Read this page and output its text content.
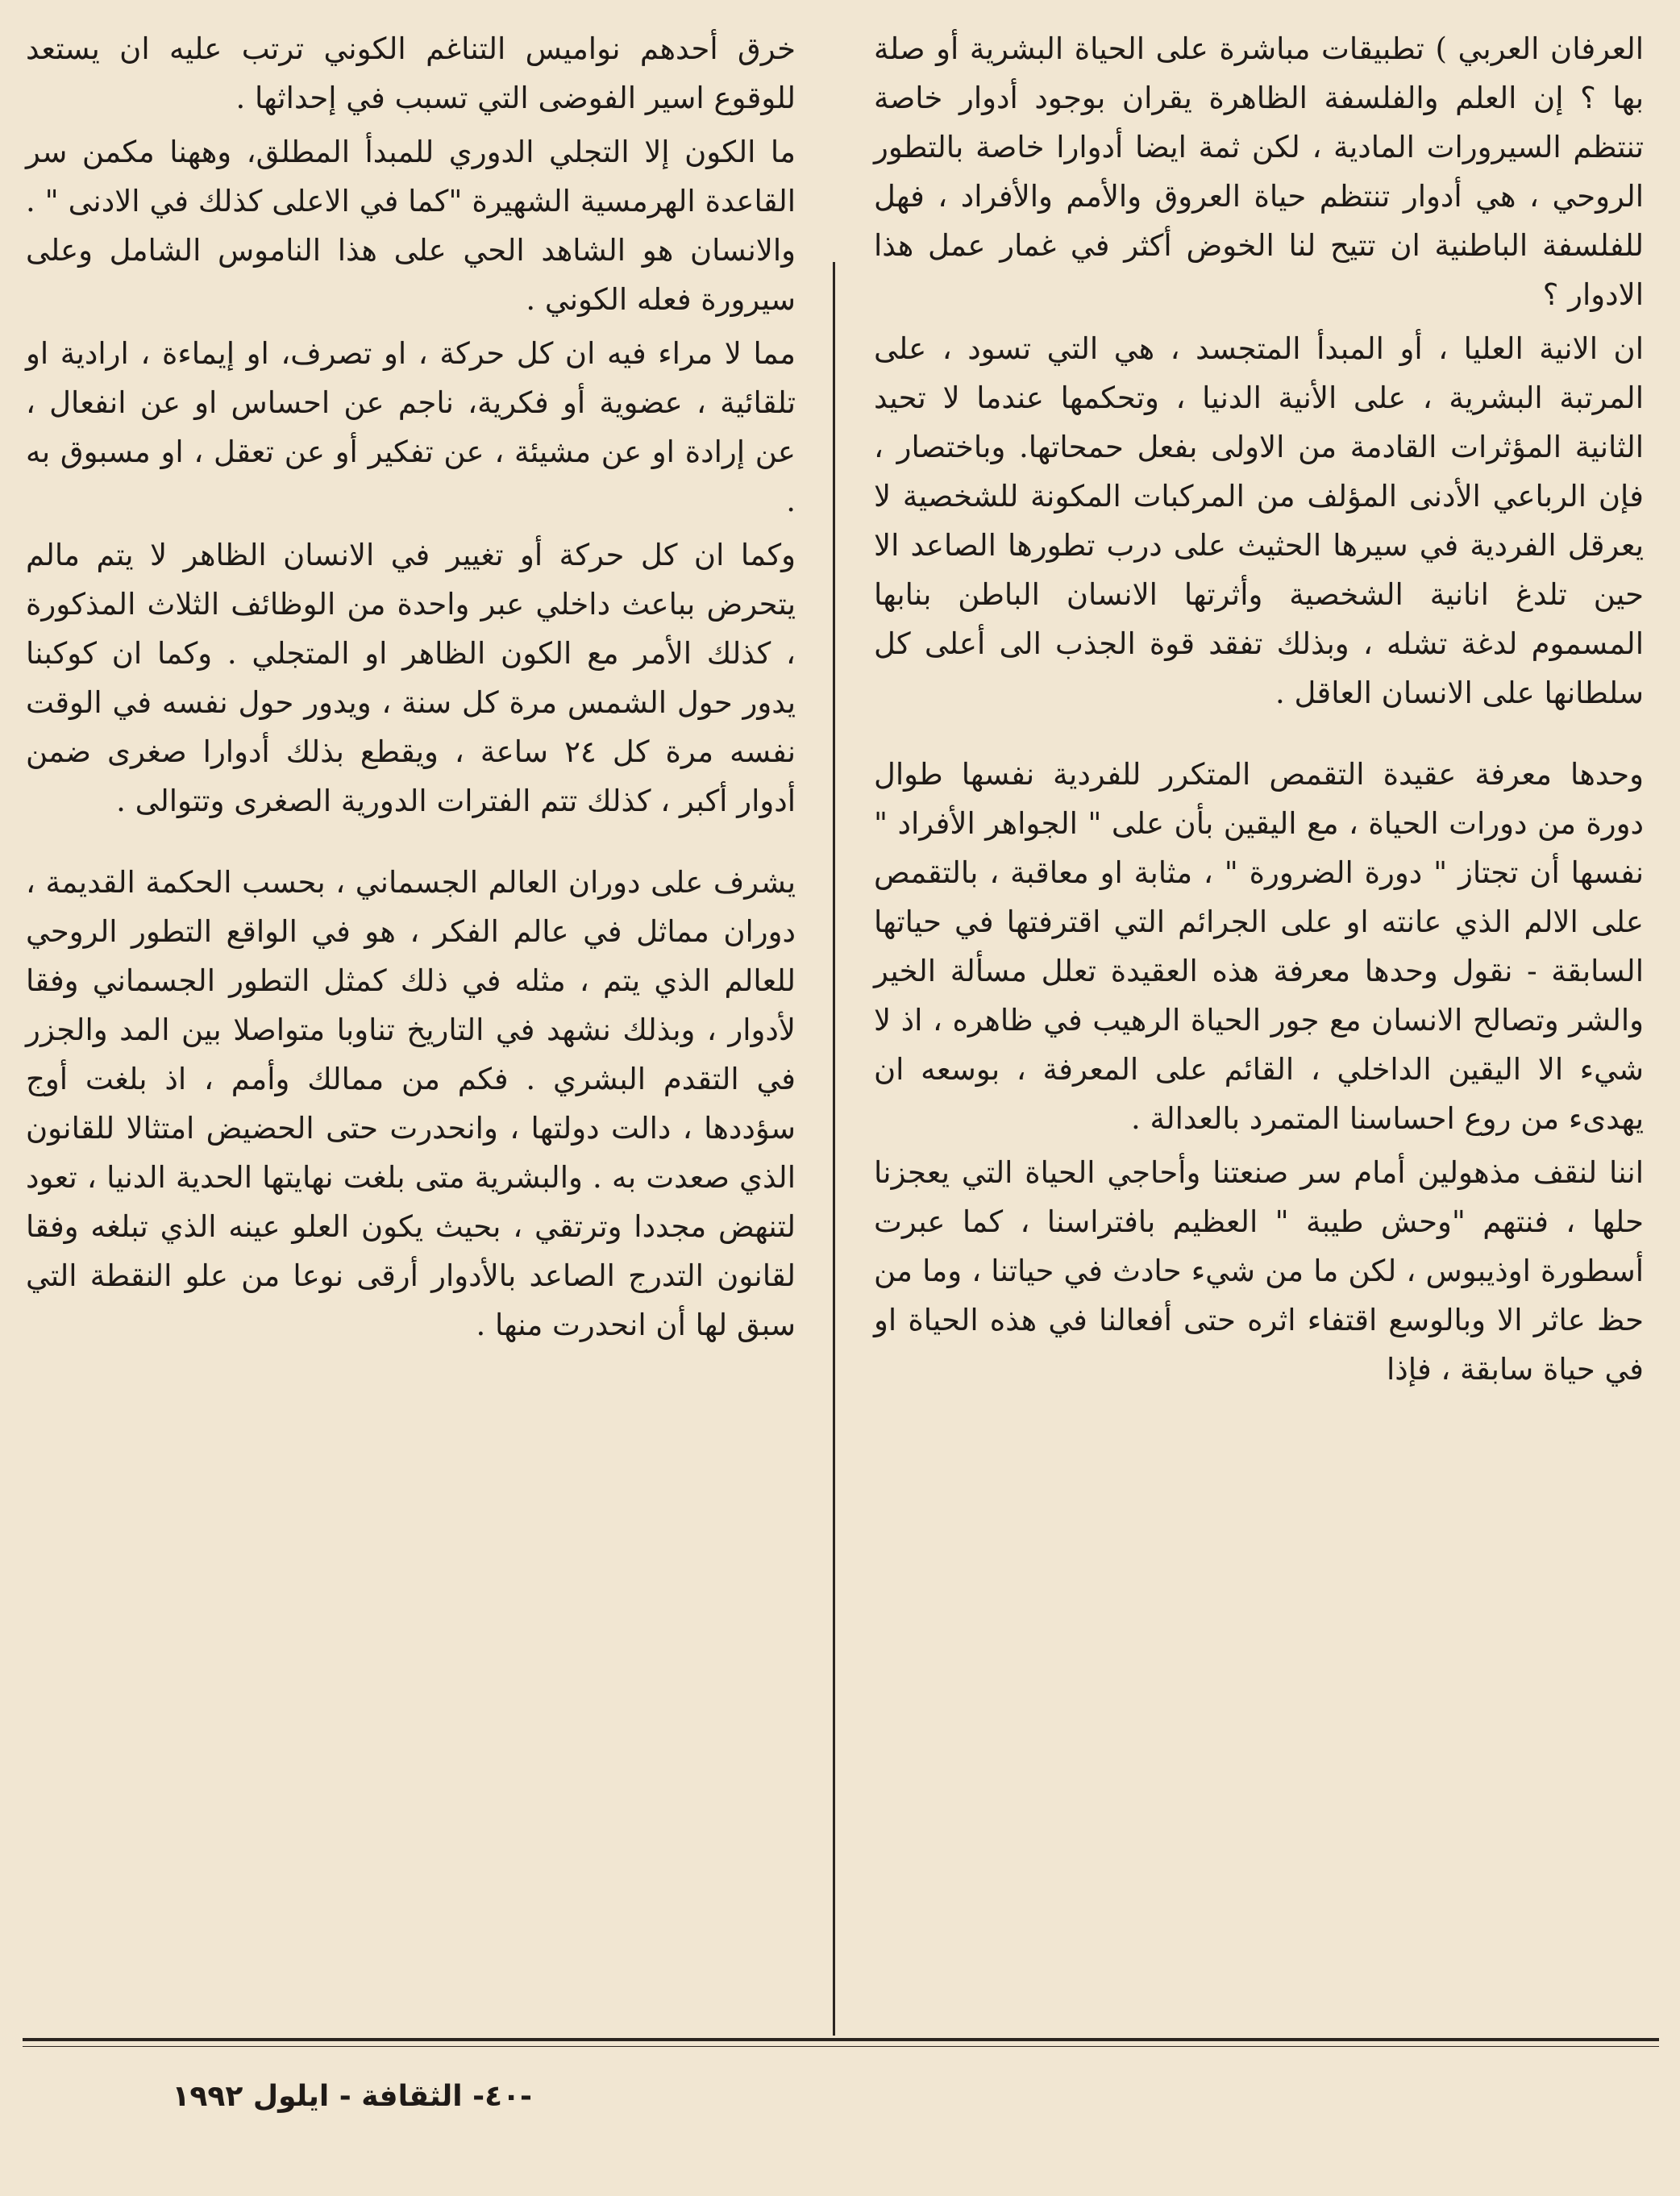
العرفان العربي ) تطبيقات مباشرة على الحياة البشرية أو صلة بها ؟ إن العلم والفلسفة الظاهرة يقران بوجود أدوار خاصة تنتظم السيرورات المادية ، لكن ثمة ايضا أدوارا خاصة بالتطور الروحي ، هي أدوار تنتظم حياة العروق والأمم والأفراد ، فهل للفلسفة الباطنية ان تتيح لنا الخوض أكثر في غمار عمل هذا الادوار ؟

ان الانية العليا ، أو المبدأ المتجسد ، هي التي تسود ، على المرتبة البشرية ، على الأنية الدنيا ، وتحكمها عندما لا تحيد الثانية المؤثرات القادمة من الاولى بفعل حمحاتها. وباختصار ، فإن الرباعي الأدنى المؤلف من المركبات المكونة للشخصية لا يعرقل الفردية في سيرها الحثيث على درب تطورها الصاعد الا حين تلدغ انانية الشخصية وأثرتها الانسان الباطن بنابها المسموم لدغة تشله ، وبذلك تفقد قوة الجذب الى أعلى كل سلطانها على الانسان العاقل .

وحدها معرفة عقيدة التقمص المتكرر للفردية نفسها طوال دورة من دورات الحياة ، مع اليقين بأن على " الجواهر الأفراد " نفسها أن تجتاز " دورة الضرورة " ، مثابة او معاقبة ، بالتقمص على الالم الذي عانته او على الجرائم التي اقترفتها في حياتها السابقة - نقول وحدها معرفة هذه العقيدة تعلل مسألة الخير والشر وتصالح الانسان مع جور الحياة الرهيب في ظاهره ، اذ لا شيء الا اليقين الداخلي ، القائم على المعرفة ، بوسعه ان يهدىء من روع احساسنا المتمرد بالعدالة .

اننا لنقف مذهولين أمام سر صنعتنا وأحاجي الحياة التي يعجزنا حلها ، فنتهم "وحش طيبة " العظيم بافتراسنا ، كما عبرت أسطورة اوذيبوس ، لكن ما من شيء حادث في حياتنا ، وما من حظ عاثر الا وبالوسع اقتفاء اثره حتى أفعالنا في هذه الحياة او في حياة سابقة ، فإذا

خرق أحدهم نواميس التناغم الكوني ترتب عليه ان يستعد للوقوع اسير الفوضى التي تسبب في إحداثها .

ما الكون إلا التجلي الدوري للمبدأ المطلق، وههنا مكمن سر القاعدة الهرمسية الشهيرة "كما في الاعلى كذلك في الادنى " . والانسان هو الشاهد الحي على هذا الناموس الشامل وعلى سيرورة فعله الكوني .

مما لا مراء فيه ان كل حركة ، او تصرف، او إيماءة ، ارادية او تلقائية ، عضوية أو فكرية، ناجم عن احساس او عن انفعال ، عن إرادة او عن مشيئة ، عن تفكير أو عن تعقل ، او مسبوق به .

وكما ان كل حركة أو تغيير في الانسان الظاهر لا يتم مالم يتحرض بباعث داخلي عبر واحدة من الوظائف الثلاث المذكورة ، كذلك الأمر مع الكون الظاهر او المتجلي . وكما ان كوكبنا يدور حول الشمس مرة كل سنة ، ويدور حول نفسه في الوقت نفسه مرة كل ٢٤ ساعة ، ويقطع بذلك أدوارا صغرى ضمن أدوار أكبر ، كذلك تتم الفترات الدورية الصغرى وتتوالى .

يشرف على دوران العالم الجسماني ، بحسب الحكمة القديمة ، دوران مماثل في عالم الفكر ، هو في الواقع التطور الروحي للعالم الذي يتم ، مثله في ذلك كمثل التطور الجسماني وفقا لأدوار ، وبذلك نشهد في التاريخ تناوبا متواصلا بين المد والجزر في التقدم البشري . فكم من ممالك وأمم ، اذ بلغت أوج سؤددها ، دالت دولتها ، وانحدرت حتى الحضيض امتثالا للقانون الذي صعدت به . والبشرية متى بلغت نهايتها الحدية الدنيا ، تعود لتنهض مجددا وترتقي ، بحيث يكون العلو عينه الذي تبلغه وفقا لقانون التدرج الصاعد بالأدوار أرقى نوعا من علو النقطة التي سبق لها أن انحدرت منها .

-٤٠- الثقافة - ايلول ١٩٩٢
